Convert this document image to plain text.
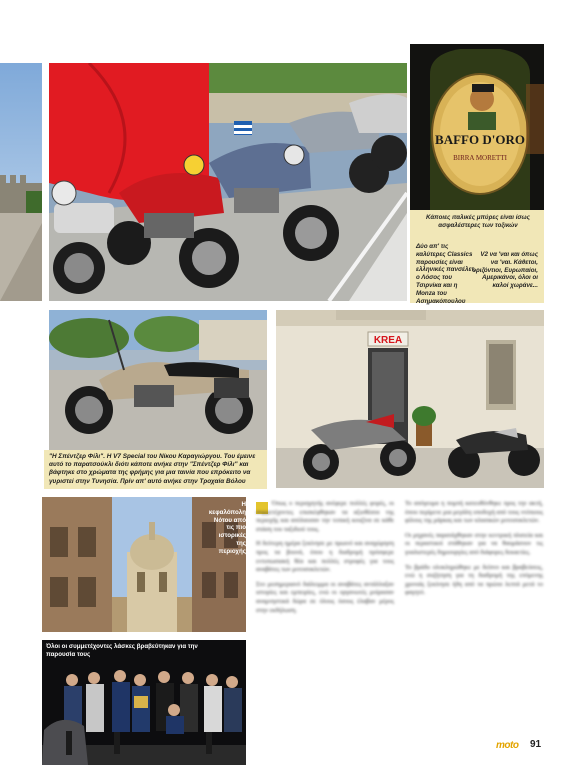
BAFFO D'ORO
BIRRA MORETTI
Κάποιες ιταλικές μπύρες είναι ίσως ασφαλέστερες των τοξικών
Δύο απ' τις καλύτερες Classics παρουσίες είναι ελληνικές πανσέλετ, ο Λόσος του Τσιρνίκα και η Monza του Ασημακόπουλου
V2 να 'ναι και όπως να 'ναι. Κάθετοι, οριζόντιοι, Ευρωπαίοι, Αμερικάνοι, όλοι οι καλοί χωράνε...
"Η Σπέντζερ Φίλι". Η V7 Special του Νίκου Καραγιώργου. Του έμεινε αυτό το παρατσούκλι διότι κάποτε ανήκε στην "Σπέντζερ Φίλι" και βάφτηκε στο χρώματα της φρήμης για μια ταινία που επρόκειτο να γυριστεί στην Τυνησία. Πρίν απ' αυτό ανήκε στην Τροχαία Βόλου
KREA
Η κεφαλόπολη Νότου από τις πιο ιστορικές της περιοχής
Όλοι οι συμμετέχοντες λάσκες βραβεύτηκαν για την παρουσία τους

Όπως ο περιηγητής ανέφερε πολλές φορές, οι συμμετέχοντες επισκέφθηκαν τα αξιοθέατα της περιοχής και απόλαυσαν την τοπική κουζίνα σε κάθε στάση του ταξιδιού τους.

Η δεύτερη ημέρα ξεκίνησε με πρωινό και αναχώρηση προς τα βουνά, όπου η διαδρομή πρόσφερε εντυπωσιακή θέα και πολλές στροφές για τους αναβάτες των μοτοσυκλετών.

Στο μεσημεριανό διάλειμμα οι αναβάτες αντάλλαξαν ιστορίες και εμπειρίες, ενώ οι οργανωτές μοίρασαν αναμνηστικά δώρα σε όλους όσους έλαβαν μέρος στην εκδήλωση.

Το απόγευμα η πομπή κατευθύνθηκε προς την ακτή, όπου περίμενε μια μεγάλη υποδοχή από τους ντόπιους φίλους της μάρκας και των κλασικών μοτοσυκλετών.

Οι μηχανές παρατάχθηκαν στην κεντρική πλατεία και οι περαστικοί στάθηκαν για να θαυμάσουν τις γυαλιστερές δημιουργίες από διάφορες δεκαετίες.

Το βράδυ ολοκληρώθηκε με δείπνο και βραβεύσεις, ενώ η συζήτηση για τη διαδρομή της επόμενης χρονιάς ξεκίνησε ήδη από τα πρώτα λεπτά μετά το φαγητό.

moto 91
